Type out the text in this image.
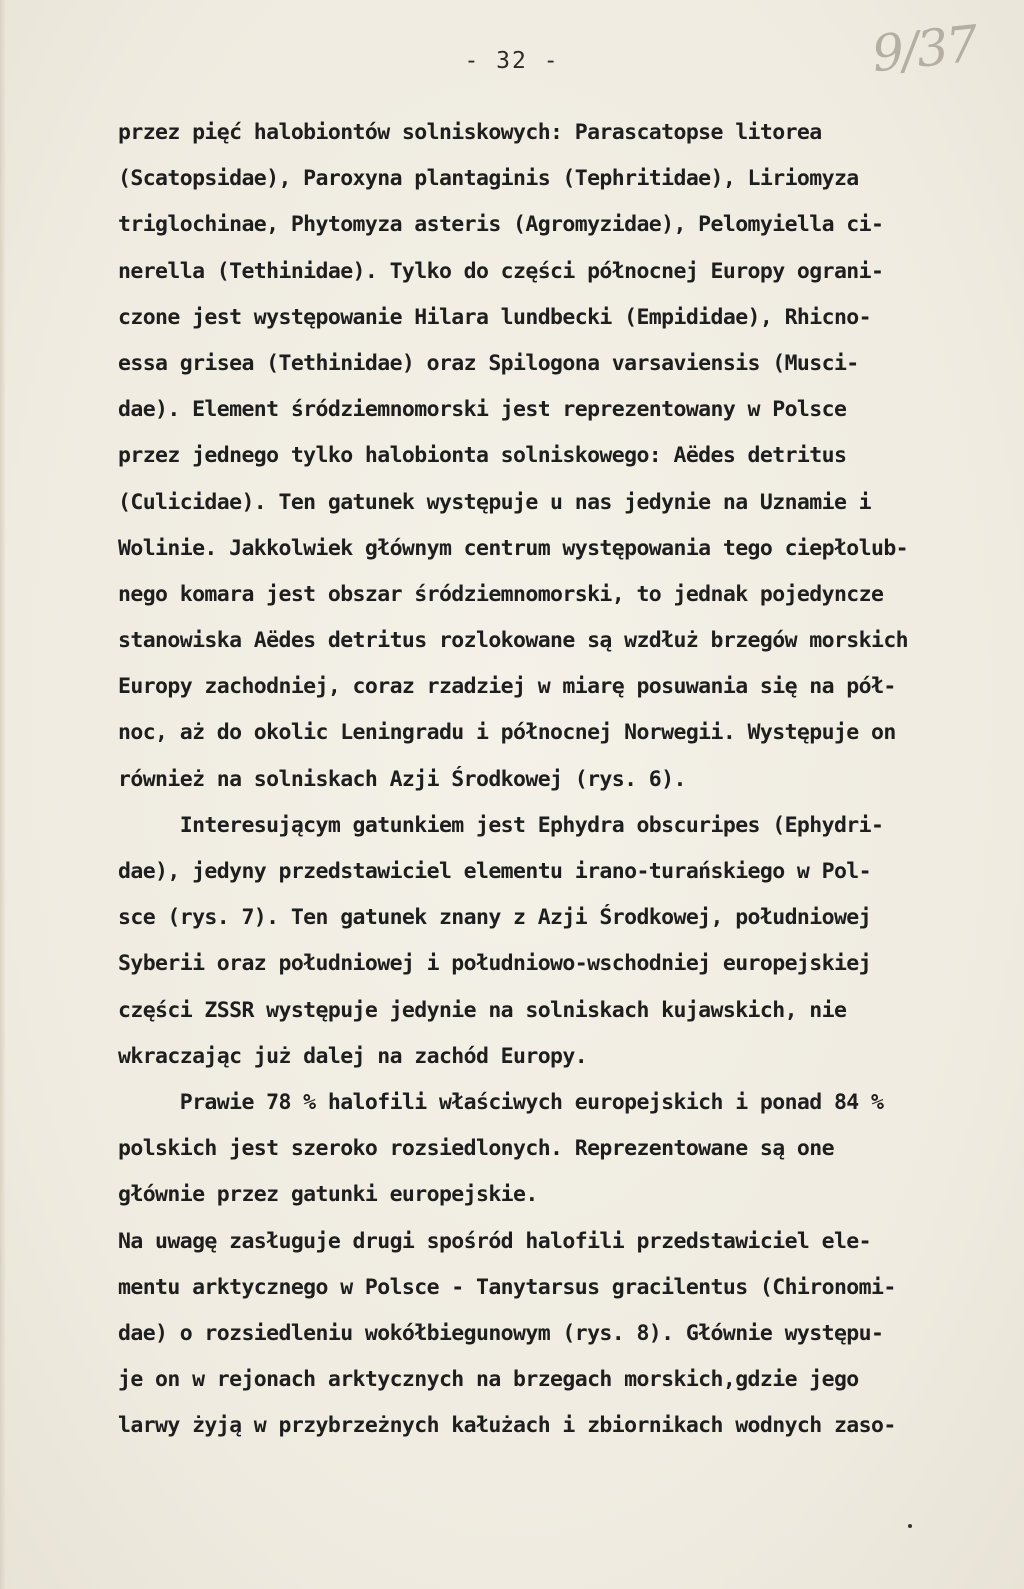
- 32 -	9/37
przez pięć halobiontów solniskowych: Parascatopse litorea
(Scatopsidae), Paroxyna plantaginis (Tephritidae), Liriomyza
triglochinae, Phytomyza asteris (Agromyzidae), Pelomyiella ci-
nerella (Tethinidae). Tylko do części północnej Europy ograni-
czone jest występowanie Hilara lundbecki (Empididae), Rhicno-
essa grisea (Tethinidae) oraz Spilogona varsaviensis (Musci-
dae). Element śródziemnomorski jest reprezentowany w Polsce
przez jednego tylko halobionta solniskowego: Aëdes detritus
(Culicidae). Ten gatunek występuje u nas jedynie na Uznamie i
Wolinie. Jakkolwiek głównym centrum występowania tego ciepłolub-
nego komara jest obszar śródziemnomorski, to jednak pojedyncze
stanowiska Aëdes detritus rozlokowane są wzdłuż brzegów morskich
Europy zachodniej, coraz rzadziej w miarę posuwania się na pół-
noc, aż do okolic Leningradu i północnej Norwegii. Występuje on
również na solniskach Azji Środkowej (rys. 6).
Interesującym gatunkiem jest Ephydra obscuripes (Ephydri-
dae), jedyny przedstawiciel elementu irano-turańskiego w Pol-
sce (rys. 7). Ten gatunek znany z Azji Środkowej, południowej
Syberii oraz południowej i południowo-wschodniej europejskiej
części ZSSR występuje jedynie na solniskach kujawskich, nie
wkraczając już dalej na zachód Europy.
Prawie 78 % halofili właściwych europejskich i ponad 84 %
polskich jest szeroko rozsiedlonych. Reprezentowane są one
głównie przez gatunki europejskie.
Na uwagę zasługuje drugi spośród halofili przedstawiciel ele-
mentu arktycznego w Polsce - Tanytarsus gracilentus (Chironomi-
dae) o rozsiedleniu wokółbiegunowym (rys. 8). Głównie występu-
je on w rejonach arktycznych na brzegach morskich,gdzie jego
larwy żyją w przybrzeżnych kałużach i zbiornikach wodnych zaso-
